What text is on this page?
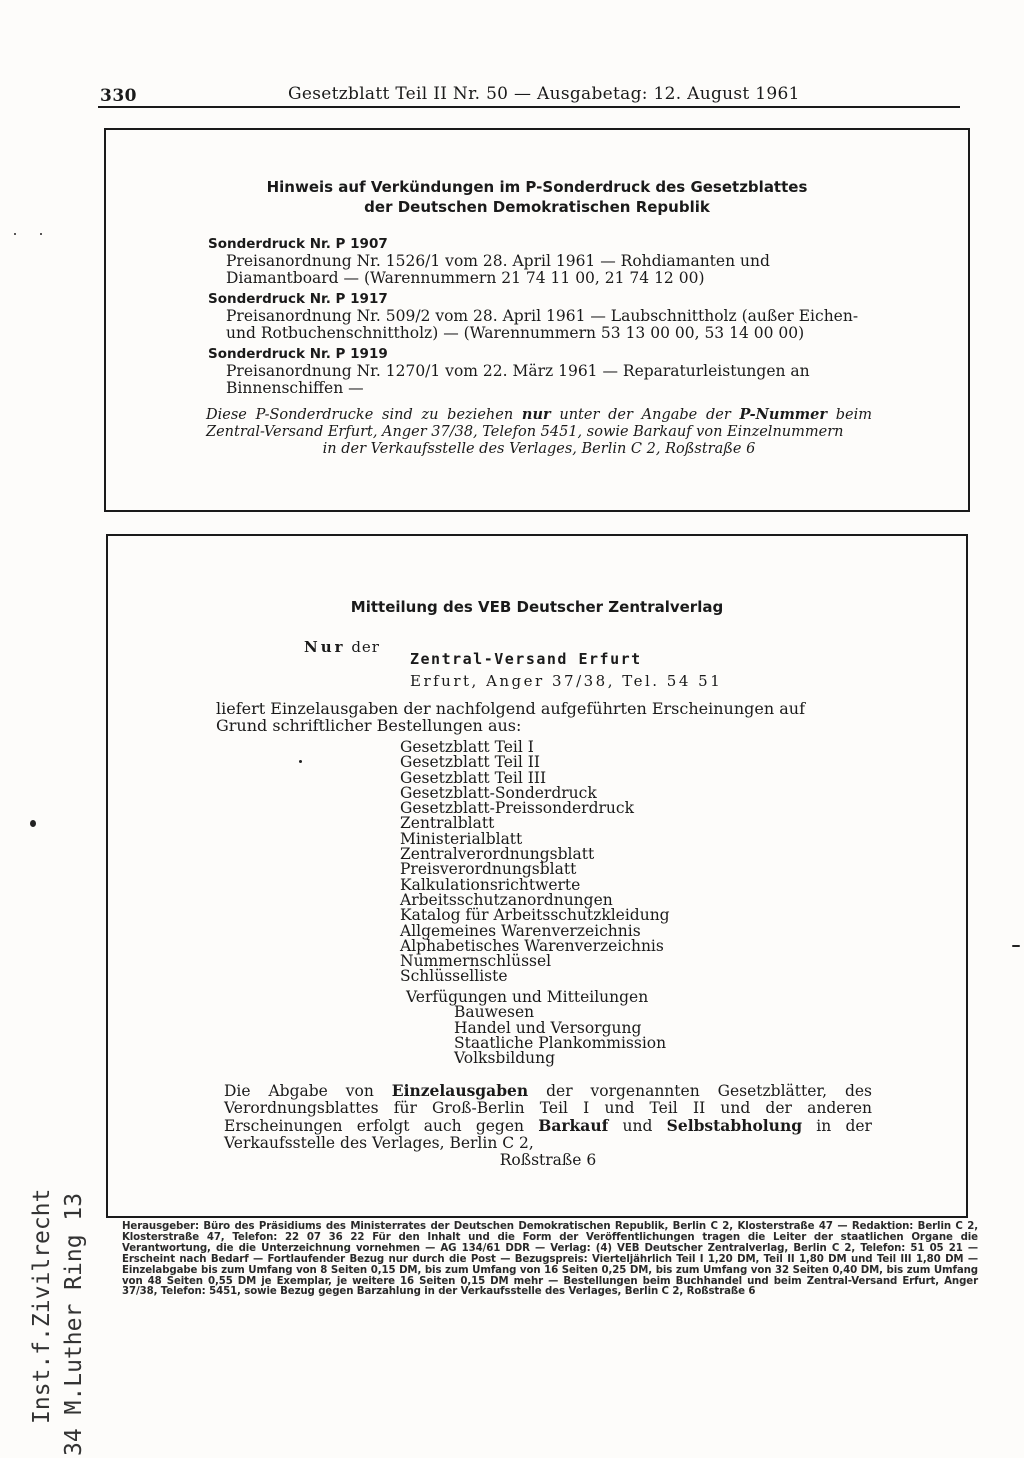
330	Gesetzblatt Teil II Nr. 50 — Ausgabetag: 12. August 1961
Hinweis auf Verkündungen im P-Sonderdruck des Gesetzblattes
der Deutschen Demokratischen Republik
Sonderdruck Nr. P 1907
Preisanordnung Nr. 1526/1 vom 28. April 1961 — Rohdiamanten und Diamantboard — (Warennummern 21 74 11 00, 21 74 12 00)
Sonderdruck Nr. P 1917
Preisanordnung Nr. 509/2 vom 28. April 1961 — Laubschnittholz (außer Eichen- und Rotbuchenschnittholz) — (Warennummern 53 13 00 00, 53 14 00 00)
Sonderdruck Nr. P 1919
Preisanordnung Nr. 1270/1 vom 22. März 1961 — Reparaturleistungen an Binnenschiffen —
Diese P-Sonderdrucke sind zu beziehen nur unter der Angabe der P-Nummer beim Zentral-Versand Erfurt, Anger 37/38, Telefon 5451, sowie Barkauf von Einzelnummern
in der Verkaufsstelle des Verlages, Berlin C 2, Roßstraße 6
Mitteilung des VEB Deutscher Zentralverlag
Nur der
Zentral-Versand Erfurt
Erfurt, Anger 37/38, Tel. 54 51
liefert Einzelausgaben der nachfolgend aufgeführten Erscheinungen auf Grund schriftlicher Bestellungen aus:
Gesetzblatt Teil I
Gesetzblatt Teil II
Gesetzblatt Teil III
Gesetzblatt-Sonderdruck
Gesetzblatt-Preissonderdruck
Zentralblatt
Ministerialblatt
Zentralverordnungsblatt
Preisverordnungsblatt
Kalkulationsrichtwerte
Arbeitsschutzanordnungen
Katalog für Arbeitsschutzkleidung
Allgemeines Warenverzeichnis
Alphabetisches Warenverzeichnis
Nummernschlüssel
Schlüsselliste
Verfügungen und Mitteilungen
Bauwesen
Handel und Versorgung
Staatliche Plankommission
Volksbildung
Die Abgabe von Einzelausgaben der vorgenannten Gesetzblätter, des Verordnungsblattes für Groß-Berlin Teil I und Teil II und der anderen Erscheinungen erfolgt auch gegen Barkauf und Selbstabholung in der Verkaufsstelle des Verlages, Berlin C 2,
Roßstraße 6
Herausgeber: Büro des Präsidiums des Ministerrates der Deutschen Demokratischen Republik, Berlin C 2, Klosterstraße 47 — Redaktion: Berlin C 2, Klosterstraße 47, Telefon: 22 07 36 22 Für den Inhalt und die Form der Veröffentlichungen tragen die Leiter der staatlichen Organe die Verantwortung, die die Unterzeichnung vornehmen — AG 134/61 DDR — Verlag: (4) VEB Deutscher Zentralverlag, Berlin C 2, Telefon: 51 05 21 — Erscheint nach Bedarf — Fortlaufender Bezug nur durch die Post — Bezugspreis: Vierteljährlich Teil I 1,20 DM, Teil II 1,80 DM und Teil III 1,80 DM — Einzelabgabe bis zum Umfang von 8 Seiten 0,15 DM, bis zum Umfang von 16 Seiten 0,25 DM, bis zum Umfang von 32 Seiten 0,40 DM, bis zum Umfang von 48 Seiten 0,55 DM je Exemplar, je weitere 16 Seiten 0,15 DM mehr — Bestellungen beim Buchhandel und beim Zentral-Versand Erfurt, Anger 37/38, Telefon: 5451, sowie Bezug gegen Barzahlung in der Verkaufsstelle des Verlages, Berlin C 2, Roßstraße 6
Inst.f.Zivilrecht 34 M.Luther Ring 13
